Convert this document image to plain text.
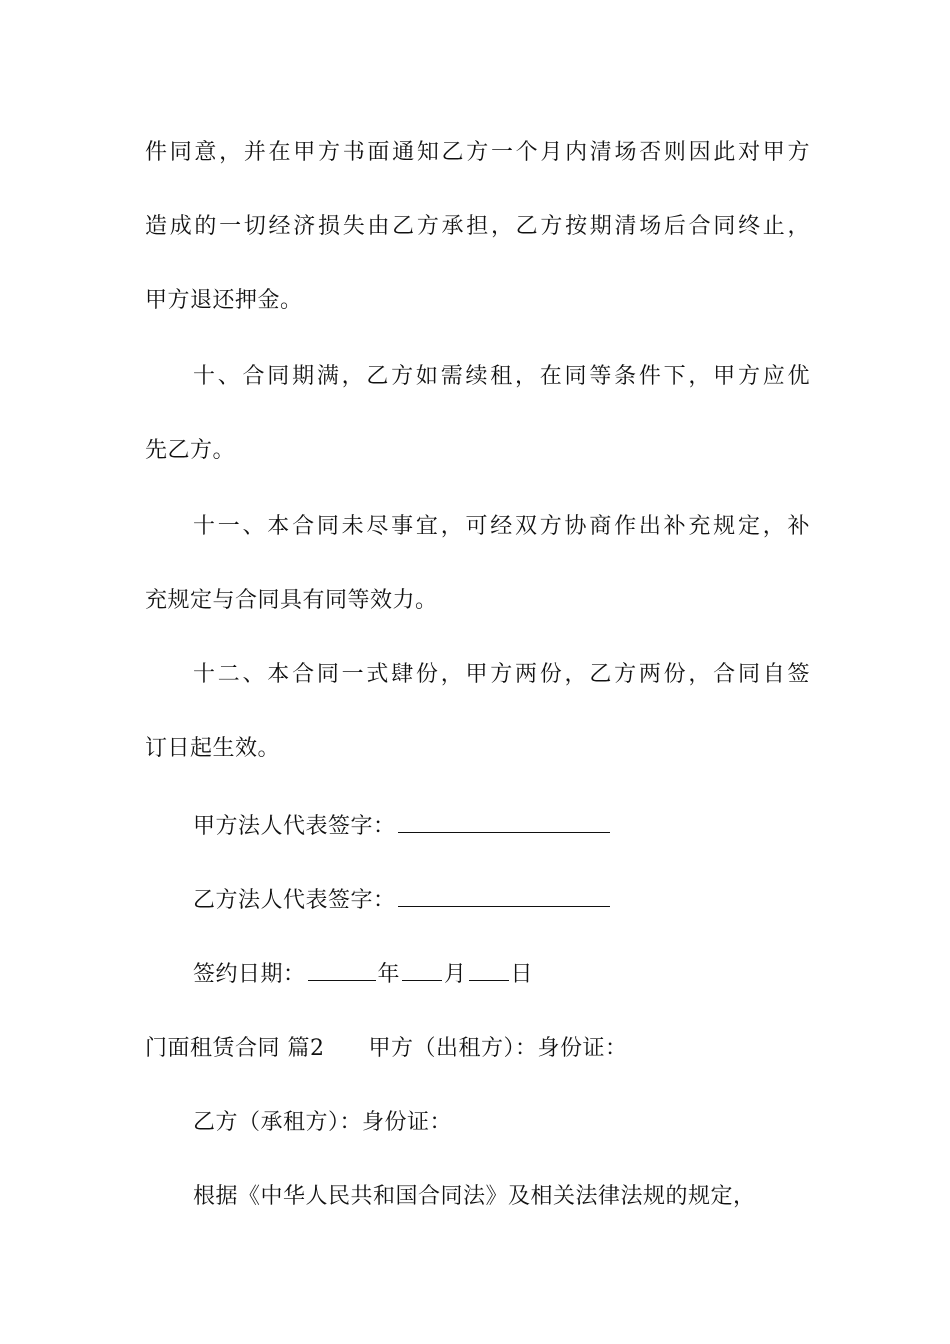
件同意，并在甲方书面通知乙方一个月内清场否则因此对甲方
造成的一切经济损失由乙方承担，乙方按期清场后合同终止，
甲方退还押金。
十、合同期满，乙方如需续租，在同等条件下，甲方应优
先乙方。
十一、本合同未尽事宜，可经双方协商作出补充规定，补
充规定与合同具有同等效力。
十二、本合同一式肆份，甲方两份，乙方两份，合同自签
订日起生效。
甲方法人代表签字：
乙方法人代表签字：
签约日期：	年 月 日
门面租赁合同 篇2 甲方（出租方）：身份证：
乙方（承租方）：身份证：
根据《中华人民共和国合同法》及相关法律法规的规定，
